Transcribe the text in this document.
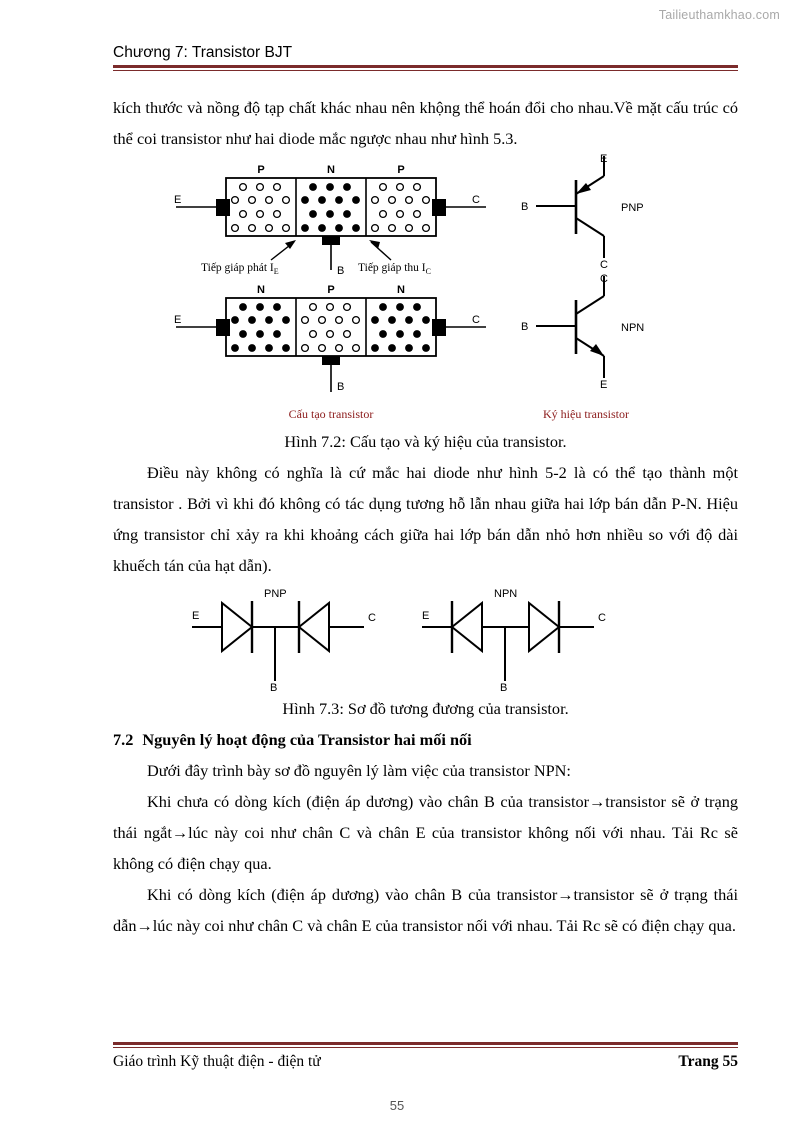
Tailieuthamkhao.com
Chương 7: Transistor BJT

kích thước và nồng độ tạp chất khác nhau nên khộng thể hoán đổi cho nhau.Về mặt cấu trúc có thể coi transistor như hai diode mắc ngược nhau như hình 5.3.

P	N	P
E	C
B
Tiếp giáp phát $I_E$	Tiếp giáp thu $I_C$
B
E
C
PNP
N	P	N
E	C
B
B
C
E
NPN
Cấu tạo transistor	Ký hiệu transistor

Hình 7.2: Cấu tạo và ký hiệu của transistor.

Điều này không có nghĩa là cứ mắc hai diode như hình 5-2 là có thể tạo thành một transistor . Bởi vì khi đó không có tác dụng tương hỗ lẫn nhau giữa hai lớp bán dẫn P-N. Hiệu ứng transistor chỉ xảy ra khi khoảng cách giữa hai lớp bán dẫn nhỏ hơn nhiều so với độ dài khuếch tán của hạt dẫn).

E	C
B
PNP
E	C
B
NPN

Hình 7.3: Sơ đồ tương đương của transistor.

7.2 Nguyên lý hoạt động của Transistor hai mối nối

Dưới đây trình bày sơ đồ nguyên lý làm việc của transistor NPN:

Khi chưa có dòng kích (điện áp dương) vào chân B của transistor→transistor sẽ ở trạng thái ngắt→lúc này coi như chân C và chân E của transistor không nối với nhau. Tải Rc sẽ không có điện chạy qua.

Khi có dòng kích (điện áp dương) vào chân B của transistor→transistor sẽ ở trạng thái dẫn→lúc này coi như chân C và chân E của transistor nối với nhau. Tải Rc sẽ có điện chạy qua.

Giáo trình Kỹ thuật điện - điện tử	Trang 55
55
